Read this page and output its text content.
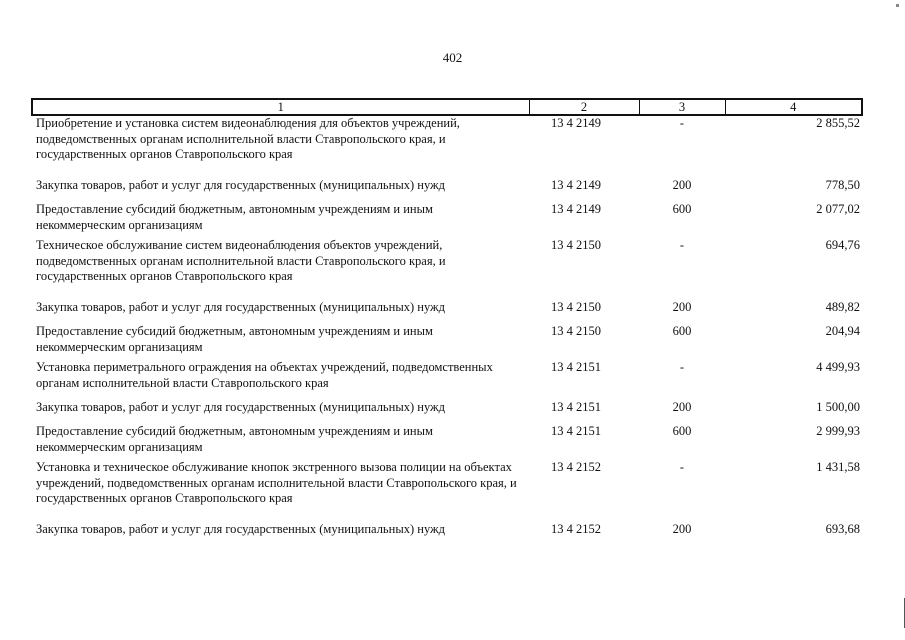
402
1	2	3	4
Приобретение и установка систем видеонаблюдения для объектов учреждений, подведомственных органам исполнительной власти Ставропольского края, и государственных органов Ставропольского края	13 4 2149	-	2 855,52
Закупка товаров, работ и услуг для государственных (муниципальных) нужд	13 4 2149	200	778,50
Предоставление субсидий бюджетным, автономным учреждениям и иным некоммерческим организациям	13 4 2149	600	2 077,02
Техническое обслуживание систем видеонаблюдения объектов учреждений, подведомственных органам исполнительной власти Ставропольского края, и государственных органов Ставропольского края	13 4 2150	-	694,76
Закупка товаров, работ и услуг для государственных (муниципальных) нужд	13 4 2150	200	489,82
Предоставление субсидий бюджетным, автономным учреждениям и иным некоммерческим организациям	13 4 2150	600	204,94
Установка периметрального ограждения на объектах учреждений, подведомственных органам исполнительной власти Ставропольского края	13 4 2151	-	4 499,93
Закупка товаров, работ и услуг для государственных (муниципальных) нужд	13 4 2151	200	1 500,00
Предоставление субсидий бюджетным, автономным учреждениям и иным некоммерческим организациям	13 4 2151	600	2 999,93
Установка и техническое обслуживание кнопок экстренного вызова полиции на объектах учреждений, подведомственных органам исполнительной власти Ставропольского края, и государственных органов Ставропольского края	13 4 2152	-	1 431,58
Закупка товаров, работ и услуг для государственных (муниципальных) нужд	13 4 2152	200	693,68
